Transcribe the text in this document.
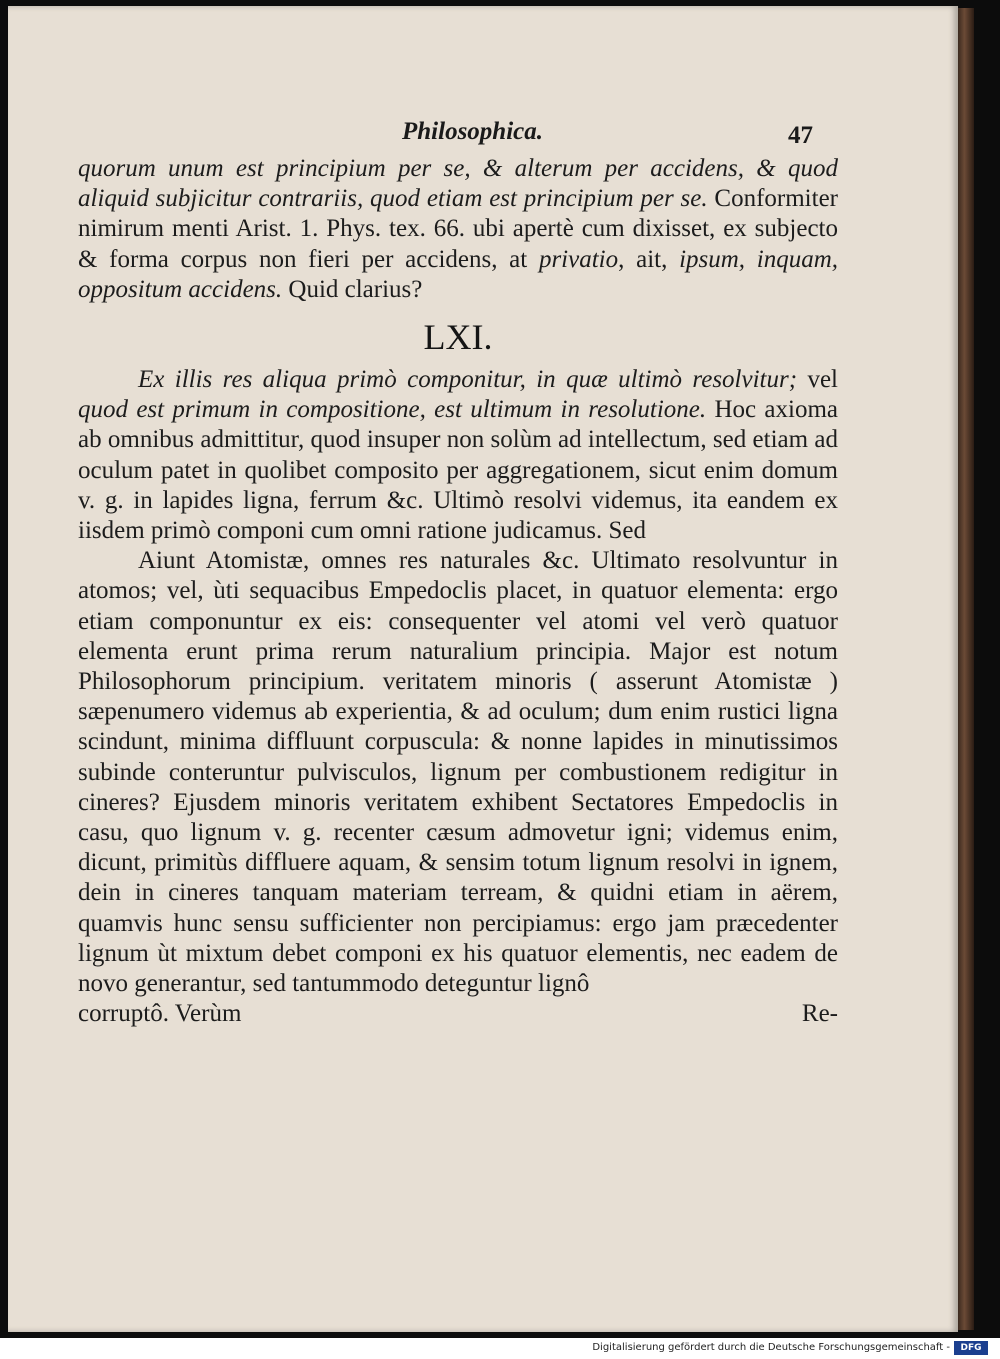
Philosophica.	47

quorum unum est principium per se, & alterum per accidens, & quod aliquid subjicitur contrariis, quod etiam est principium per se. Conformiter nimirum menti Arist. 1. Phys. tex. 66. ubi apertè cum dixisset, ex subjecto & forma corpus non fieri per accidens, at privatio, ait, ipsum, inquam, oppositum accidens. Quid clarius?

LXI.

Ex illis res aliqua primò componitur, in quæ ultimò resolvitur; vel quod est primum in compositione, est ultimum in resolutione. Hoc axioma ab omnibus admittitur, quod insuper non solùm ad intellectum, sed etiam ad oculum patet in quolibet composito per aggregationem, sicut enim domum v. g. in lapides ligna, ferrum &c. Ultimò resolvi videmus, ita eandem ex iisdem primò componi cum omni ratione judicamus. Sed

Aiunt Atomistæ, omnes res naturales &c. Ultimato resolvuntur in atomos; vel, ùti sequacibus Empedoclis placet, in quatuor elementa: ergo etiam componuntur ex eis: consequenter vel atomi vel verò quatuor elementa erunt prima rerum naturalium principia. Major est notum Philosophorum principium. veritatem minoris ( asserunt Atomistæ ) sæpenumero videmus ab experientia, & ad oculum; dum enim rustici ligna scindunt, minima diffluunt corpuscula: & nonne lapides in minutissimos subinde conteruntur pulvisculos, lignum per combustionem redigitur in cineres? Ejusdem minoris veritatem exhibent Sectatores Empedoclis in casu, quo lignum v. g. recenter cæsum admovetur igni; videmus enim, dicunt, primitùs diffluere aquam, & sensim totum lignum resolvi in ignem, dein in cineres tanquam materiam terream, & quidni etiam in aërem, quamvis hunc sensu sufficienter non percipiamus: ergo jam præcedenter lignum ùt mixtum debet componi ex his quatuor elementis, nec eadem de novo generantur, sed tantummodo deteguntur lignô

corruptô. Verùm	Re-
Digitalisierung gefördert durch die Deutsche Forschungsgemeinschaft -	DFG
